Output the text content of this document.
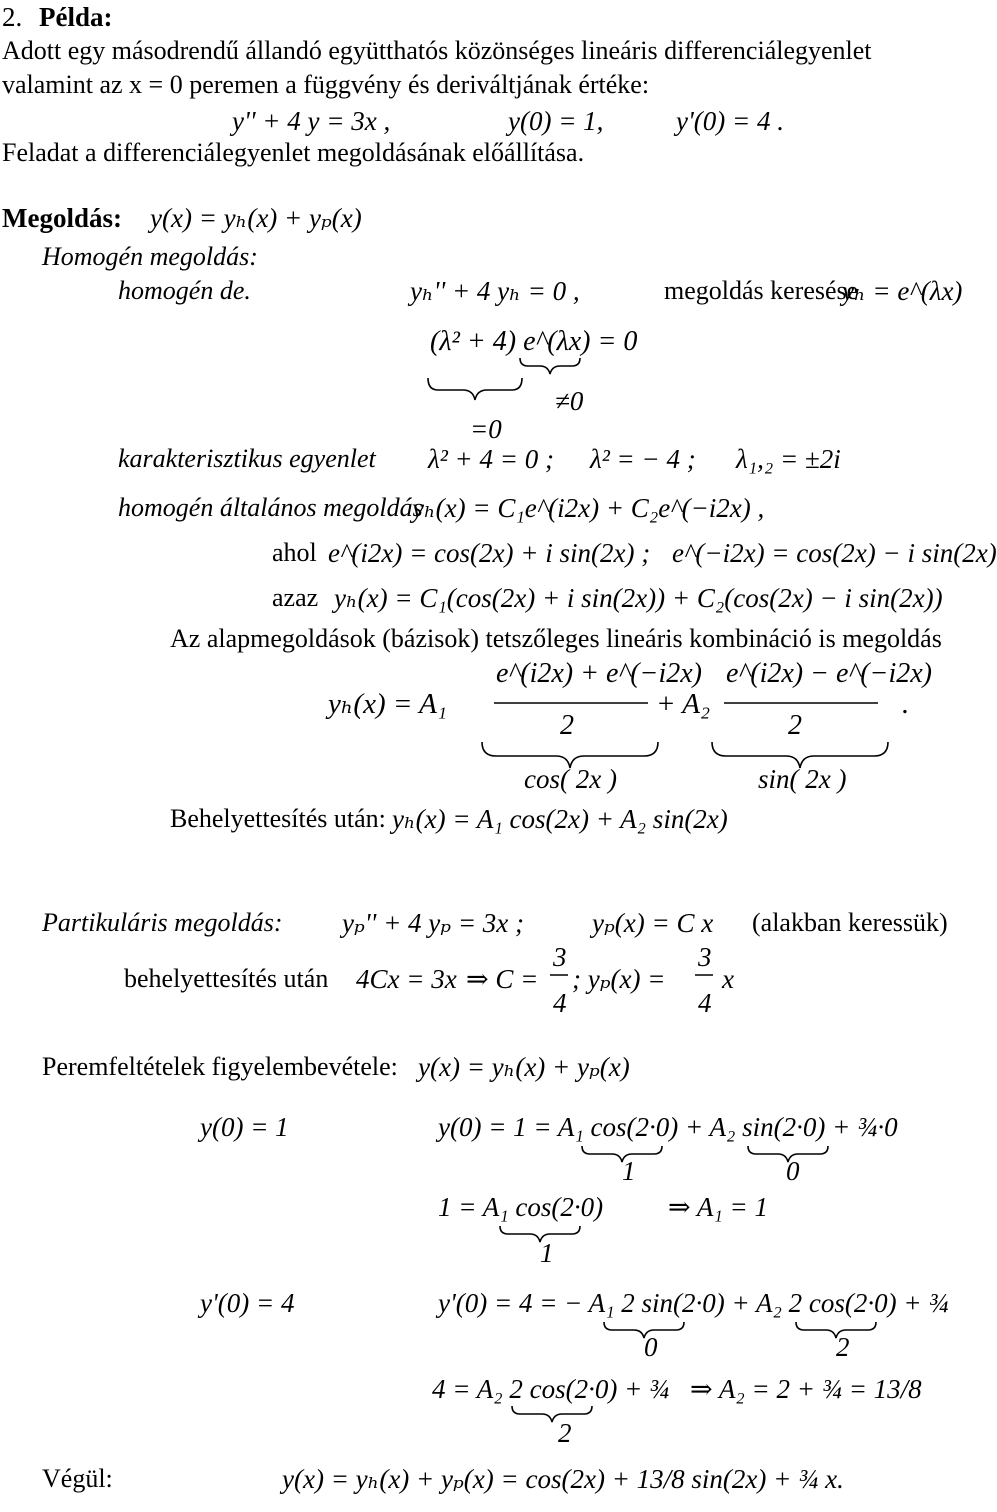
2. Példa:
Adott egy másodrendű állandó együtthatós közönséges lineáris differenciálegyenlet
valamint az x = 0 peremen a függvény és deriváltjának értéke:
y'' + 4 y = 3x ,	y(0) = 1,	y'(0) = 4 .
Feladat a differenciálegyenlet megoldásának előállítása.
Megoldás: y(x) = yₕ(x) + yₚ(x)
Homogén megoldás:
homogén de.	yₕ'' + 4 yₕ = 0 ,	megoldás keresése
yₕ = e^(λx)
(λ² + 4) e^(λx) = 0
≠0
=0
karakterisztikus egyenlet λ² + 4 = 0 ; λ² = − 4 ; λ₁,₂ = ±2i
homogén általános megoldás
yₕ(x) = C₁e^(i2x) + C₂e^(−i2x) ,
ahol e^(i2x) = cos(2x) + i sin(2x) ; e^(−i2x) = cos(2x) − i sin(2x)
azaz yₕ(x) = C₁(cos(2x) + i sin(2x)) + C₂(cos(2x) − i sin(2x))
Az alapmegoldások (bázisok) tetszőleges lineáris kombináció is megoldás
yₕ(x) = A₁
e^(i2x) + e^(−i2x)
2
+ A₂
e^(i2x) − e^(−i2x)
2
.
cos( 2x )	sin( 2x )
Behelyettesítés után: yₕ(x) = A₁ cos(2x) + A₂ sin(2x)
Partikuláris megoldás: yₚ'' + 4 yₚ = 3x ;	yₚ(x) = C x (alakban keressük)
behelyettesítés után 4Cx = 3x ⇒ C =
3
4
; yₚ(x) =
3
4
x
Peremfeltételek figyelembevétele: y(x) = yₕ(x) + yₚ(x)
y(0) = 1	y(0) = 1 = A₁ cos(2·0) + A₂ sin(2·0) + ¾·0
1	0
1 = A₁ cos(2·0)
1
⇒ A₁ = 1
y'(0) = 4	y'(0) = 4 = − A₁ 2 sin(2·0) + A₂ 2 cos(2·0) + ¾
0	2
4 = A₂ 2 cos(2·0) + ¾
2
⇒ A₂ = 2 + ¾ = 13/8
Végül:	y(x) = yₕ(x) + yₚ(x) = cos(2x) + 13/8 sin(2x) + ¾ x.
